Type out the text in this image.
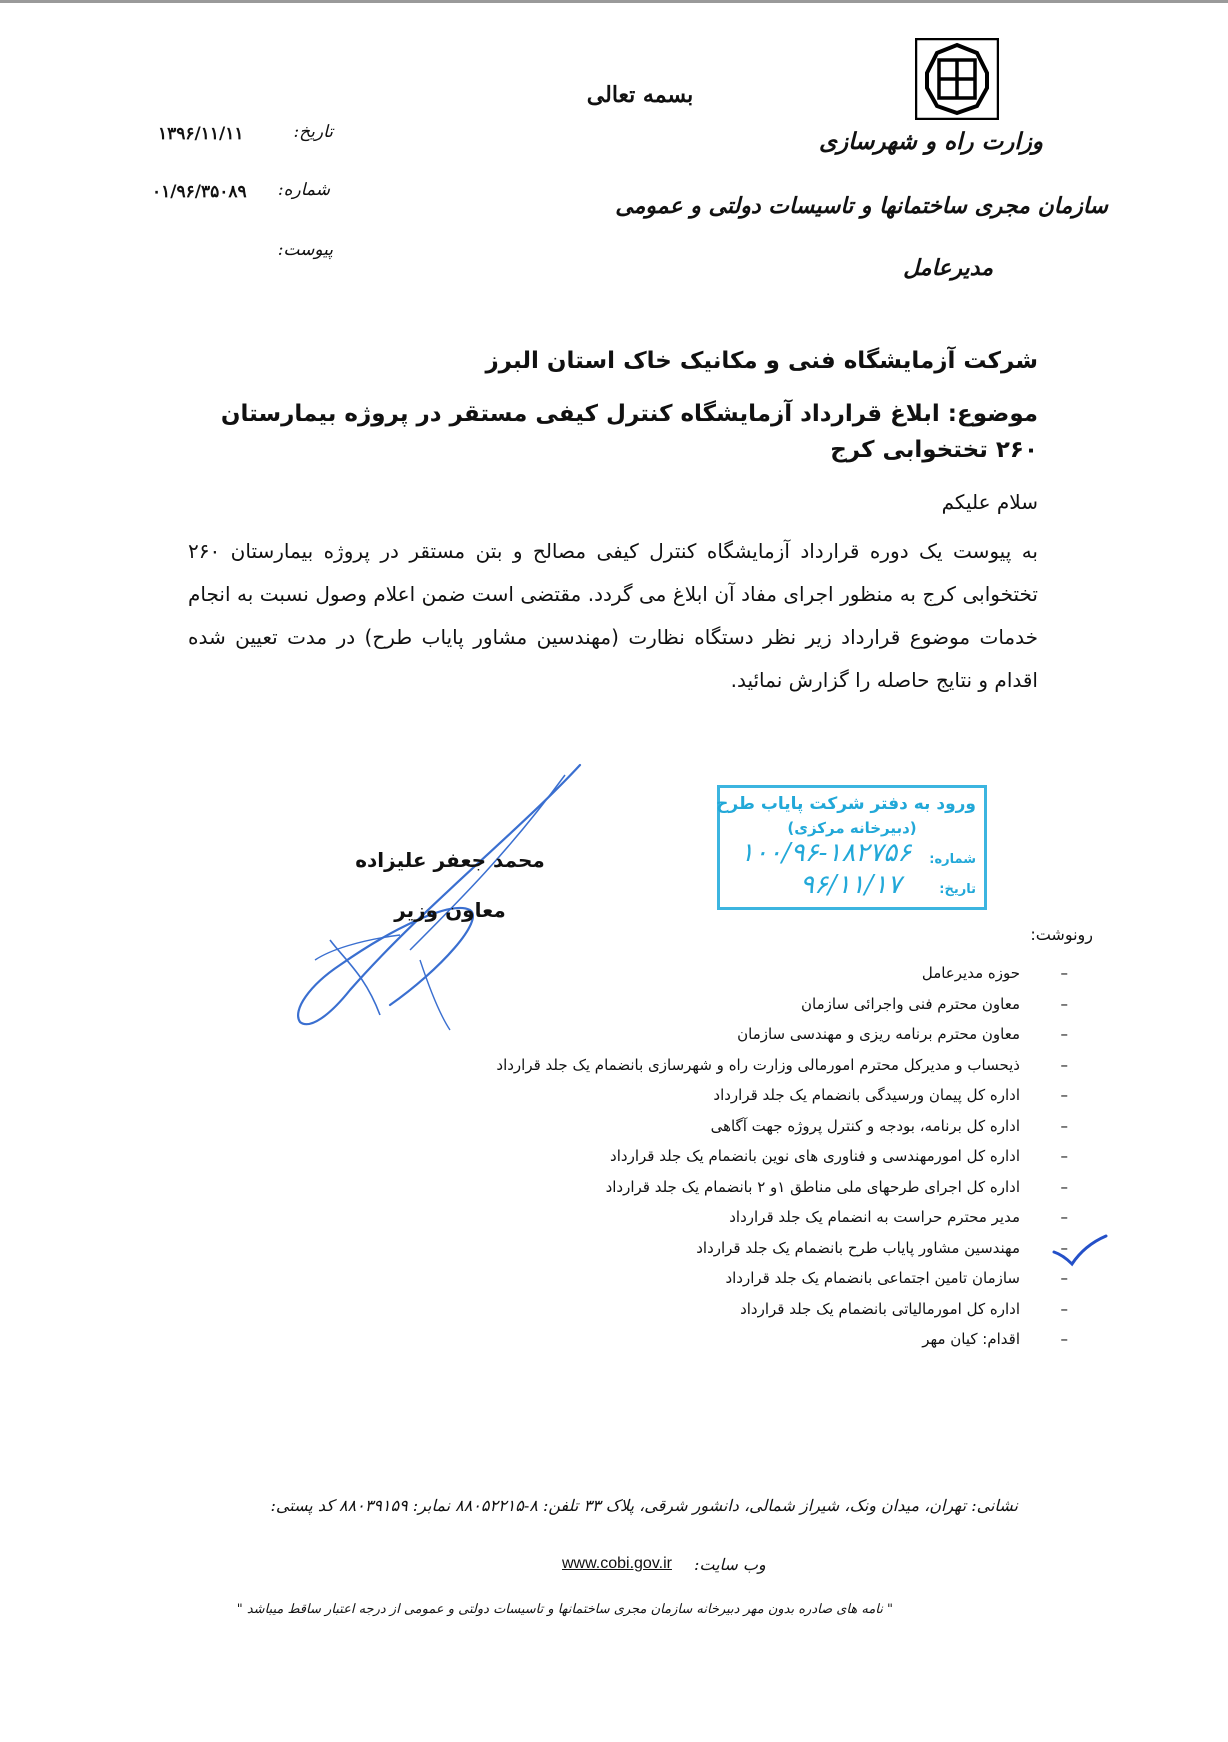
بسمه تعالی
وزارت راه و شهرسازی
سازمان مجری ساختمانها و تاسیسات دولتی و عمومی
مدیرعامل
تاریخ:
۱۳۹۶/۱۱/۱۱
شماره:
۰۱/۹۶/۳۵۰۸۹
پیوست:
شرکت آزمایشگاه فنی و مکانیک خاک استان البرز
موضوع: ابلاغ قرارداد آزمایشگاه کنترل کیفی مستقر در پروژه بیمارستان ۲۶۰ تختخوابی کرج
سلام علیکم
به پیوست یک دوره قرارداد آزمایشگاه کنترل کیفی مصالح و بتن مستقر در پروژه بیمارستان ۲۶۰ تختخوابی کرج به منظور اجرای مفاد آن ابلاغ می گردد. مقتضی است ضمن اعلام وصول نسبت به انجام خدمات موضوع قرارداد زیر نظر دستگاه نظارت (مهندسین مشاور پایاب طرح) در مدت تعیین شده اقدام و نتایج حاصله را گزارش نمائید.
محمد جعفر علیزاده
معاون وزیر
ورود به دفتر شرکت پایاب طرح
(دبیرخانه مرکزی)
شماره:
۱۰۰/۹۶-۱۸۲۷۵۶
تاریخ:
۹۶/۱۱/۱۷
رونوشت:
–
حوزه مدیرعامل
–
معاون محترم فنی واجرائی سازمان
–
معاون محترم برنامه ریزی و مهندسی سازمان
–
ذیحساب و مدیرکل محترم امورمالی وزارت راه و شهرسازی بانضمام یک جلد قرارداد
–
اداره کل پیمان ورسیدگی بانضمام یک جلد قرارداد
–
اداره کل برنامه، بودجه و کنترل پروژه جهت آگاهی
–
اداره کل امورمهندسی و فناوری های نوین بانضمام یک جلد قرارداد
–
اداره کل اجرای طرحهای ملی مناطق ۱و ۲ بانضمام یک جلد قرارداد
–
مدیر محترم حراست به انضمام یک جلد قرارداد
–
مهندسین مشاور پایاب طرح بانضمام یک جلد قرارداد
–
سازمان تامین اجتماعی بانضمام یک جلد قرارداد
–
اداره کل امورمالیاتی بانضمام یک جلد قرارداد
–
اقدام: کیان مهر
نشانی: تهران، میدان ونک، شیراز شمالی، دانشور شرقی، پلاک ۳۳ تلفن: ۸-۸۸۰۵۲۲۱۵ نمابر: ۸۸۰۳۹۱۵۹ کد پستی:
وب سایت:
www.cobi.gov.ir
" نامه های صادره بدون مهر دبیرخانه سازمان مجری ساختمانها و تاسیسات دولتی و عمومی از درجه اعتبار ساقط میباشد "
